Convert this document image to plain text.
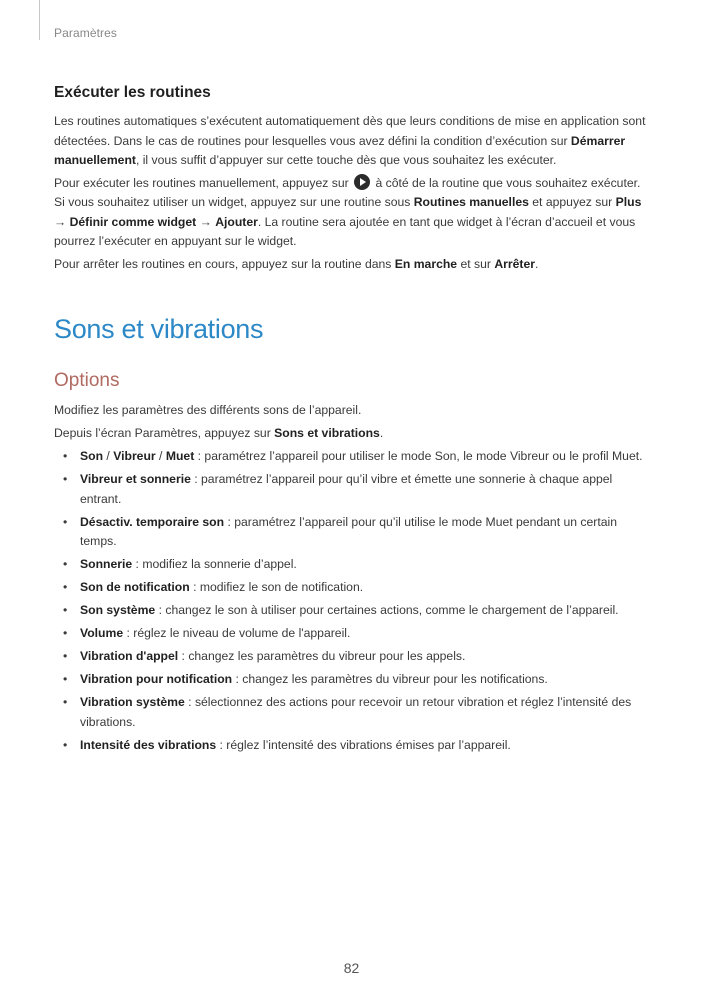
Paramètres
Exécuter les routines

Les routines automatiques s’exécutent automatiquement dès que leurs conditions de mise en application sont détectées. Dans le cas de routines pour lesquelles vous avez défini la condition d’exécution sur Démarrer manuellement, il vous suffit d’appuyer sur cette touche dès que vous souhaitez les exécuter.

Pour exécuter les routines manuellement, appuyez sur  à côté de la routine que vous souhaitez exécuter. Si vous souhaitez utiliser un widget, appuyez sur une routine sous Routines manuelles et appuyez sur Plus → Définir comme widget → Ajouter. La routine sera ajoutée en tant que widget à l’écran d’accueil et vous pourrez l’exécuter en appuyant sur le widget.

Pour arrêter les routines en cours, appuyez sur la routine dans En marche et sur Arrêter.

Sons et vibrations
Options

Modifiez les paramètres des différents sons de l’appareil.

Depuis l’écran Paramètres, appuyez sur Sons et vibrations.

• Son / Vibreur / Muet : paramétrez l’appareil pour utiliser le mode Son, le mode Vibreur ou le profil Muet.
• Vibreur et sonnerie : paramétrez l’appareil pour qu’il vibre et émette une sonnerie à chaque appel entrant.
• Désactiv. temporaire son : paramétrez l’appareil pour qu’il utilise le mode Muet pendant un certain temps.
• Sonnerie : modifiez la sonnerie d’appel.
• Son de notification : modifiez le son de notification.
• Son système : changez le son à utiliser pour certaines actions, comme le chargement de l’appareil.
• Volume : réglez le niveau de volume de l'appareil.
• Vibration d'appel : changez les paramètres du vibreur pour les appels.
• Vibration pour notification : changez les paramètres du vibreur pour les notifications.
• Vibration système : sélectionnez des actions pour recevoir un retour vibration et réglez l’intensité des vibrations.
• Intensité des vibrations : réglez l’intensité des vibrations émises par l’appareil.
82
